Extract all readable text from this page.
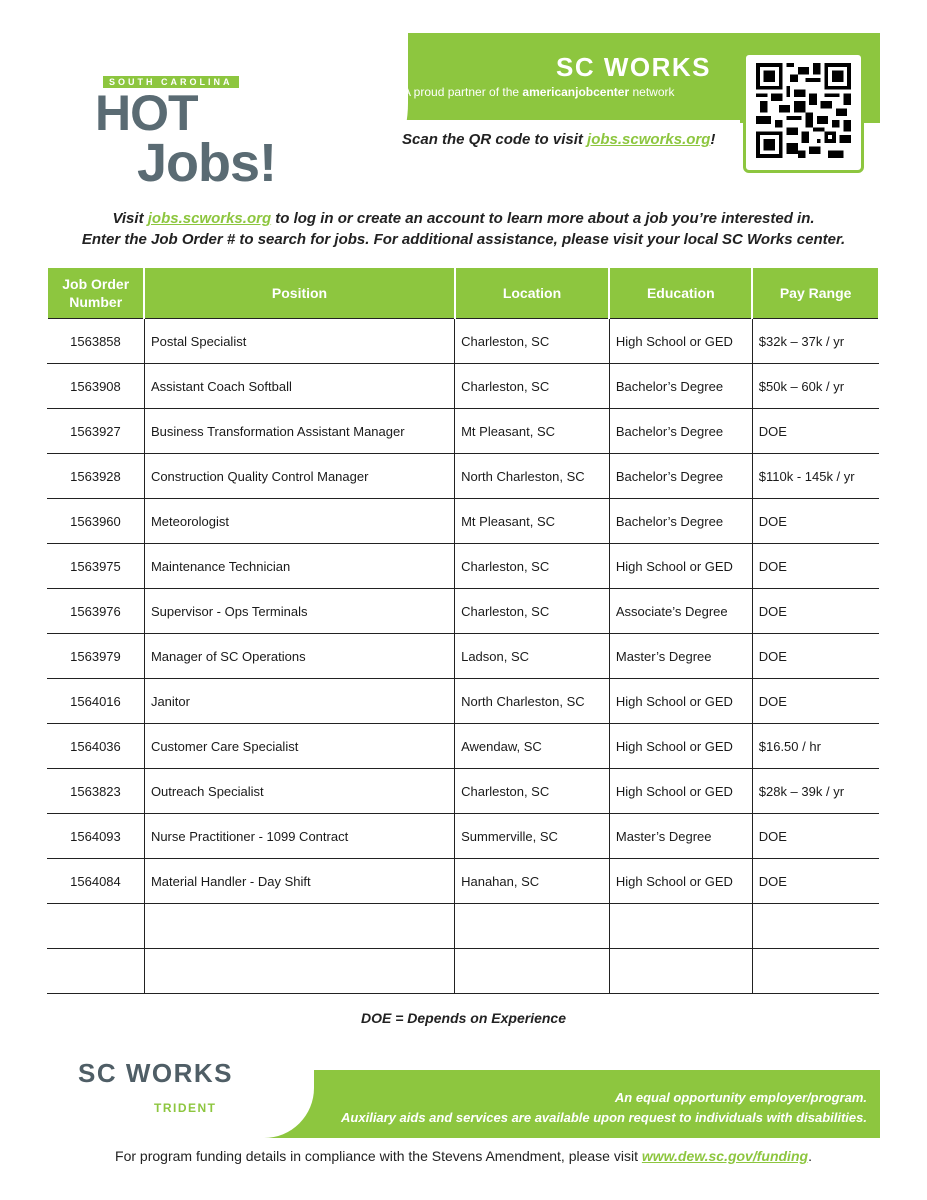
SOUTH CAROLINA
HOT
Jobs!
SC WORKS
A proud partner of the americanjobcenter network
Scan the QR code to visit jobs.scworks.org!
Visit jobs.scworks.org to log in or create an account to learn more about a job you’re interested in.
Enter the Job Order # to search for jobs. For additional assistance, please visit your local SC Works center.
Job Order Number	Position	Location	Education	Pay Range
1563858	Postal Specialist	Charleston, SC	High School or GED	$32k – 37k / yr
1563908	Assistant Coach Softball	Charleston, SC	Bachelor’s Degree	$50k – 60k / yr
1563927	Business Transformation Assistant Manager	Mt Pleasant, SC	Bachelor’s Degree	DOE
1563928	Construction Quality Control Manager	North Charleston, SC	Bachelor’s Degree	$110k - 145k / yr
1563960	Meteorologist	Mt Pleasant, SC	Bachelor’s Degree	DOE
1563975	Maintenance Technician	Charleston, SC	High School or GED	DOE
1563976	Supervisor - Ops Terminals	Charleston, SC	Associate’s Degree	DOE
1563979	Manager of SC Operations	Ladson, SC	Master’s Degree	DOE
1564016	Janitor	North Charleston, SC	High School or GED	DOE
1564036	Customer Care Specialist	Awendaw, SC	High School or GED	$16.50 / hr
1563823	Outreach Specialist	Charleston, SC	High School or GED	$28k – 39k / yr
1564093	Nurse Practitioner - 1099 Contract	Summerville, SC	Master’s Degree	DOE
1564084	Material Handler - Day Shift	Hanahan, SC	High School or GED	DOE

DOE = Depends on Experience
SC WORKS
TRIDENT
An equal opportunity employer/program.
Auxiliary aids and services are available upon request to individuals with disabilities.
For program funding details in compliance with the Stevens Amendment, please visit www.dew.sc.gov/funding.
